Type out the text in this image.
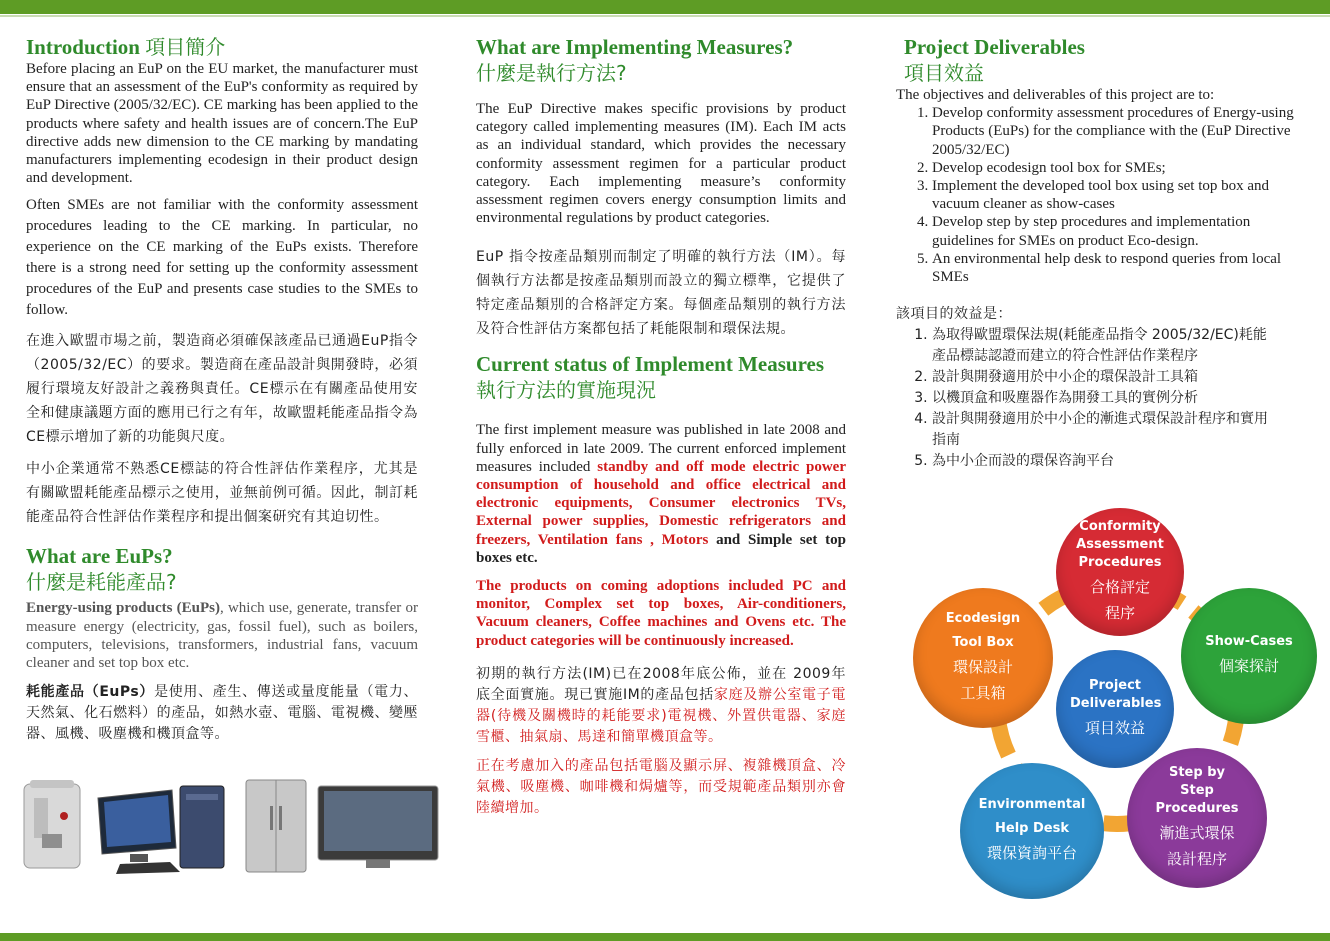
Introduction 項目簡介

Before placing an EuP on the EU market, the manufacturer must ensure that an assessment of the EuP's conformity as required by EuP Directive (2005/32/EC). CE marking has been applied to the products where safety and health issues are of concern.The EuP directive adds new dimension to the CE marking by mandating manufacturers implementing ecodesign in their product design and development.

Often SMEs are not familiar with the conformity assessment procedures leading to the CE marking. In particular, no experience on the CE marking of the EuPs exists. Therefore there is a strong need for setting up the conformity assessment procedures of the EuP and presents case studies to the SMEs to follow.

在進入歐盟市場之前，製造商必須確保該產品已通過EuP指令（2005/32/EC）的要求。製造商在產品設計與開發時，必須履行環境友好設計之義務與責任。CE標示在有關產品使用安全和健康議題方面的應用已行之有年，故歐盟耗能產品指令為CE標示增加了新的功能與尺度。

中小企業通常不熟悉CE標誌的符合性評估作業程序，尤其是有關歐盟耗能產品標示之使用，並無前例可循。因此，制訂耗能產品符合性評估作業程序和提出個案研究有其迫切性。

What are EuPs?
什麼是耗能產品?

Energy-using products (EuPs), which use, generate, transfer or measure energy (electricity, gas, fossil fuel), such as boilers, computers, televisions, transformers, industrial fans, vacuum cleaner and set top box etc.

耗能產品（EuPs）是使用、產生、傳送或量度能量（電力、天然氣、化石燃料）的產品，如熱水壺、電腦、電視機、變壓器、風機、吸塵機和機頂盒等。

What are Implementing Measures?
什麼是執行方法?

The EuP Directive makes specific provisions by product category called implementing measures (IM). Each IM acts as an individual standard, which provides the necessary conformity assessment regimen for a particular product category. Each implementing measure’s conformity assessment regimen covers energy consumption limits and environmental regulations by product categories.

EuP 指令按產品類別而制定了明確的執行方法（IM）。每個執行方法都是按產品類別而設立的獨立標準，它提供了特定產品類別的合格評定方案。每個產品類別的執行方法及符合性評估方案都包括了耗能限制和環保法規。

Current status of Implement Measures
執行方法的實施現況

The first implement measure was published in late 2008 and fully enforced in late 2009. The current enforced implement measures included standby and off mode electric power consumption of household and office electrical and electronic equipments, Consumer electronics TVs, External power supplies, Domestic refrigerators and freezers, Ventilation fans , Motors and Simple set top boxes etc.

The products on coming adoptions included PC and monitor, Complex set top boxes, Air-conditioners, Vacuum cleaners, Coffee machines and Ovens etc. The product categories will be continuously increased.

初期的執行方法(IM)已在2008年底公佈，並在 2009年底全面實施。現已實施IM的產品包括家庭及辦公室電子電器(待機及關機時的耗能要求)電視機、外置供電器、家庭雪櫃、抽氣扇、馬達和簡單機頂盒等。

正在考慮加入的產品包括電腦及顯示屏、複雜機頂盒、冷氣機、吸塵機、咖啡機和焗爐等，而受規範產品類別亦會陸續增加。

Project Deliverables
項目效益

The objectives and deliverables of this project are to:

1. Develop conformity assessment procedures of Energy-using Products (EuPs) for the compliance with the (EuP Directive 2005/32/EC)
2. Develop ecodesign tool box for SMEs;
3. Implement the developed tool box using set top box and vacuum cleaner as show-cases
4. Develop step by step procedures and implementation guidelines for SMEs on product Eco-design.
5. An environmental help desk to respond queries from local SMEs

該項目的效益是：

1. 為取得歐盟環保法規(耗能產品指令 2005/32/EC)耗能產品標誌認證而建立的符合性評估作業程序
2. 設計與開發適用於中小企的環保設計工具箱
3. 以機頂盒和吸塵器作為開發工具的實例分析
4. 設計與開發適用於中小企的漸進式環保設計程序和實用指南
5. 為中小企而設的環保咨詢平台
Project Deliverables
項目效益
Conformity Assessment Procedures
合格評定
程序
Show-Cases
個案探討
Step by Step Procedures
漸進式環保
設計程序
Environmental
Help Desk
環保資詢平台
Ecodesign
Tool Box
環保設計
工具箱
